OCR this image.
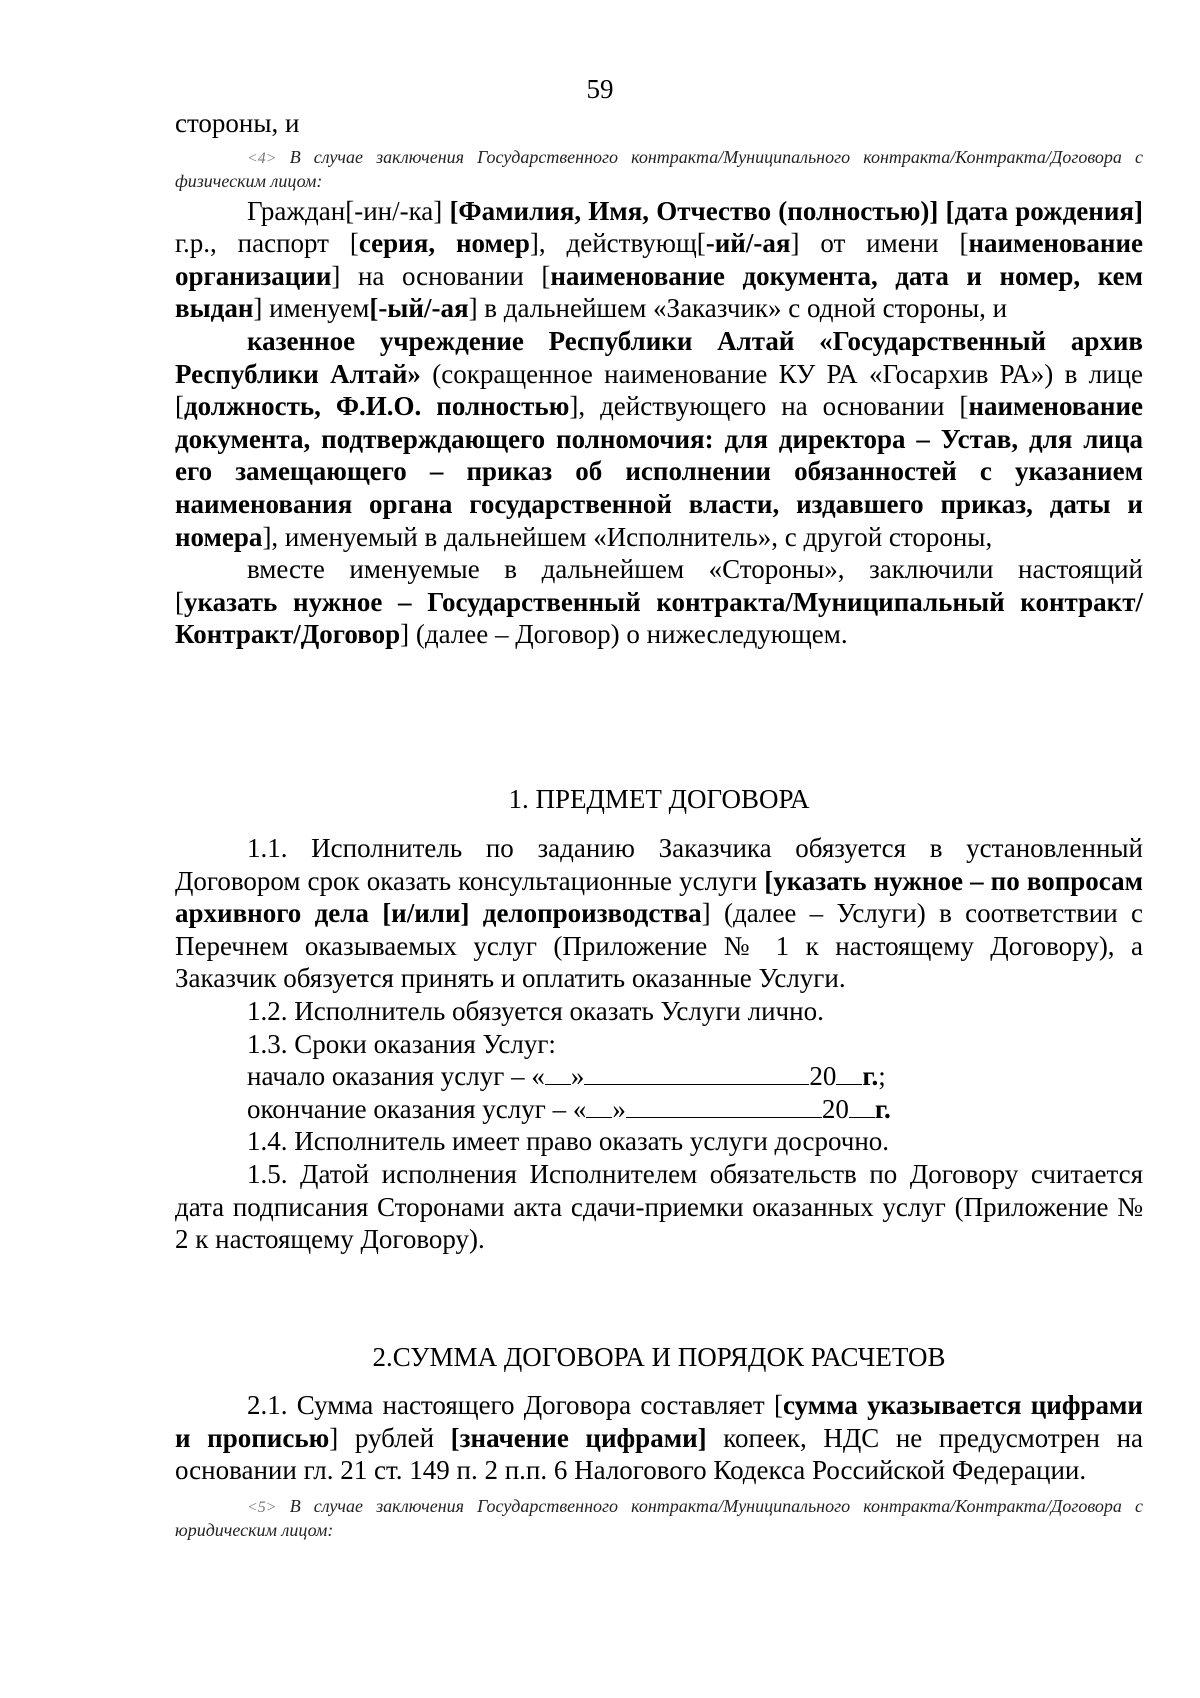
59

стороны, и

<4> В случае заключения Государственного контракта/Муниципального контракта/Контракта/Договора с физическим лицом:

Граждан[-ин/-ка] [Фамилия, Имя, Отчество (полностью)] [дата рождения] г.р., паспорт [серия, номер], действующ[-ий/-ая] от имени [наименование организации] на основании [наименование документа, дата и номер, кем выдан] именуем[-ый/-ая] в дальнейшем «Заказчик» с одной стороны, и

казенное учреждение Республики Алтай «Государственный архив Республики Алтай» (сокращенное наименование КУ РА «Госархив РА») в лице [должность, Ф.И.О. полностью], действующего на основании [наименование документа, подтверждающего полномочия: для директора – Устав, для лица его замещающего – приказ об исполнении обязанностей с указанием наименования органа государственной власти, издавшего приказ, даты и номера], именуемый в дальнейшем «Исполнитель», с другой стороны,

вместе именуемые в дальнейшем «Стороны», заключили настоящий [указать нужное – Государственный контракта/Муниципальный контракт/Контракт/Договор] (далее – Договор) о нижеследующем.

1. ПРЕДМЕТ ДОГОВОРА

1.1. Исполнитель по заданию Заказчика обязуется в установленный Договором срок оказать консультационные услуги [указать нужное – по вопросам архивного дела [и/или] делопроизводства] (далее – Услуги) в соответствии с Перечнем оказываемых услуг (Приложение № 1 к настоящему Договору), а Заказчик обязуется принять и оплатить оказанные Услуги.

1.2. Исполнитель обязуется оказать Услуги лично.

1.3. Сроки оказания Услуг:

начало оказания услуг – « »	20 г.;

окончание оказания услуг – « »	20 г.

1.4. Исполнитель имеет право оказать услуги досрочно.

1.5. Датой исполнения Исполнителем обязательств по Договору считается дата подписания Сторонами акта сдачи-приемки оказанных услуг (Приложение № 2 к настоящему Договору).

2.СУММА ДОГОВОРА И ПОРЯДОК РАСЧЕТОВ

2.1. Сумма настоящего Договора составляет [сумма указывается цифрами и прописью] рублей [значение цифрами] копеек, НДС не предусмотрен на основании гл. 21 ст. 149 п. 2 п.п. 6 Налогового Кодекса Российской Федерации.

<5> В случае заключения Государственного контракта/Муниципального контракта/Контракта/Договора с юридическим лицом:
